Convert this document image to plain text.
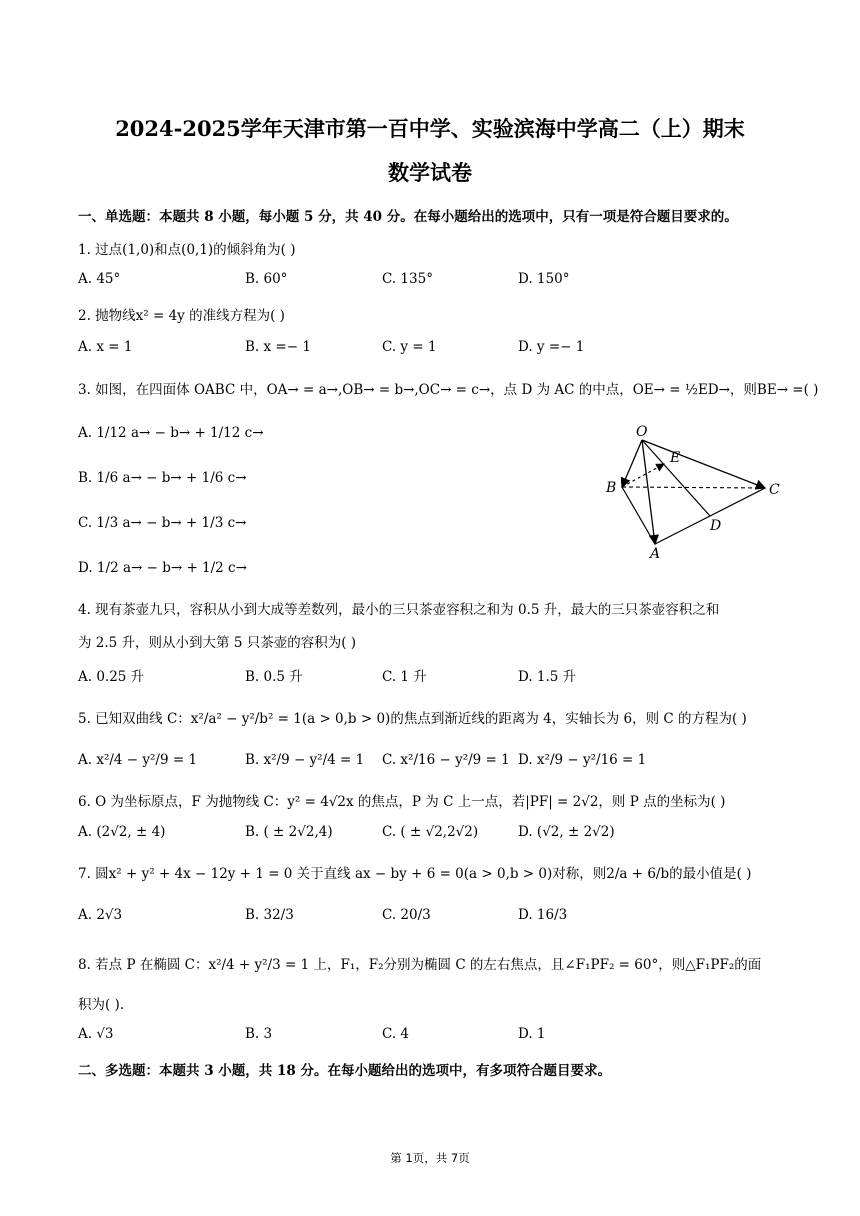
2024-2025学年天津市第一百中学、实验滨海中学高二（上）期末
数学试卷
一、单选题：本题共 8 小题，每小题 5 分，共 40 分。在每小题给出的选项中，只有一项是符合题目要求的。
1. 过点(1,0)和点(0,1)的倾斜角为( )
A. 45°	B. 60°	C. 135°	D. 150°
2. 抛物线x² = 4y 的准线方程为( )
A. x = 1	B. x =− 1	C. y = 1	D. y =− 1
3. 如图，在四面体 OABC 中，OA→ = a→,OB→ = b→,OC→ = c→，点 D 为 AC 的中点，OE→ = ½ED→，则BE→ =( )
A. 1/12 a→ − b→ + 1/12 c→
B. 1/6 a→ − b→ + 1/6 c→
C. 1/3 a→ − b→ + 1/3 c→
D. 1/2 a→ − b→ + 1/2 c→
O
E
B	C
D
A
4. 现有茶壶九只，容积从小到大成等差数列，最小的三只茶壶容积之和为 0.5 升，最大的三只茶壶容积之和
为 2.5 升，则从小到大第 5 只茶壶的容积为( )
A. 0.25 升	B. 0.5 升	C. 1 升	D. 1.5 升
5. 已知双曲线 C：x²/a² − y²/b² = 1(a > 0,b > 0)的焦点到渐近线的距离为 4，实轴长为 6，则 C 的方程为( )
A. x²/4 − y²/9 = 1	B. x²/9 − y²/4 = 1 C. x²/16 − y²/9 = 1 D. x²/9 − y²/16 = 1
6. O 为坐标原点，F 为抛物线 C：y² = 4√2x 的焦点，P 为 C 上一点，若|PF| = 2√2，则 P 点的坐标为( )
A. (2√2, ± 4)	B. ( ± 2√2,4)	C. ( ± √2,2√2)	D. (√2, ± 2√2)
7. 圆x² + y² + 4x − 12y + 1 = 0 关于直线 ax − by + 6 = 0(a > 0,b > 0)对称，则2/a + 6/b的最小值是( )
A. 2√3	B. 32/3	C. 20/3	D. 16/3
8. 若点 P 在椭圆 C：x²/4 + y²/3 = 1 上，F₁，F₂分别为椭圆 C 的左右焦点，且∠F₁PF₂ = 60°，则△F₁PF₂的面
积为( ).
A. √3	B. 3	C. 4	D. 1
二、多选题：本题共 3 小题，共 18 分。在每小题给出的选项中，有多项符合题目要求。
第 1页，共 7页
